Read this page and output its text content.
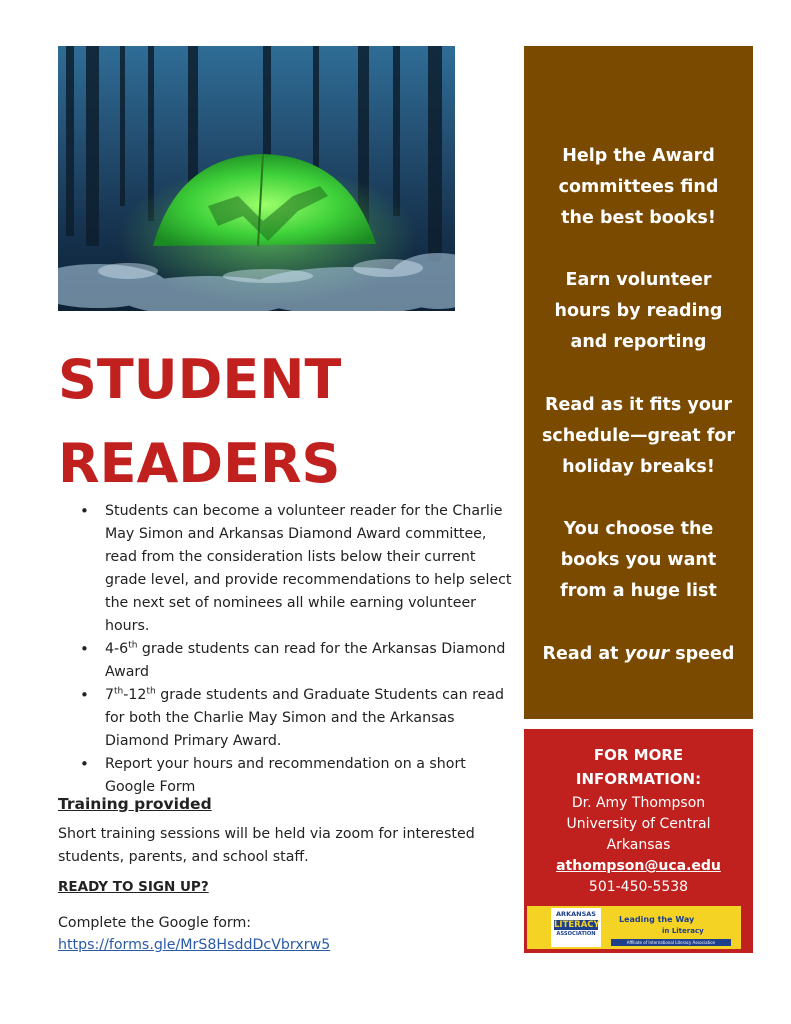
STUDENT
READERS
• Students can become a volunteer reader for the Charlie May Simon and Arkansas Diamond Award committee, read from the consideration lists below their current grade level, and provide recommendations to help select the next set of nominees all while earning volunteer hours.
• 4-6th grade students can read for the Arkansas Diamond Award
• 7th-12th grade students and Graduate Students can read for both the Charlie May Simon and the Arkansas Diamond Primary Award.
• Report your hours and recommendation on a short Google Form
Training provided

Short training sessions will be held via zoom for interested students, parents, and school staff.

READY TO SIGN UP?

Complete the Google form:

https://forms.gle/MrS8HsddDcVbrxrw5
Help the Award
committees find
the best books!
Earn volunteer
hours by reading
and reporting
Read as it fits your
schedule—great for
holiday breaks!
You choose the
books you want
from a huge list
Read at your speed
FOR MORE
INFORMATION:
Dr. Amy Thompson
University of Central
Arkansas
athompson@uca.edu
501-450-5538
ARKANSAS
LITERACY
ASSOCIATION
Leading the Way
in Literacy
Affiliate of International Literacy Association
